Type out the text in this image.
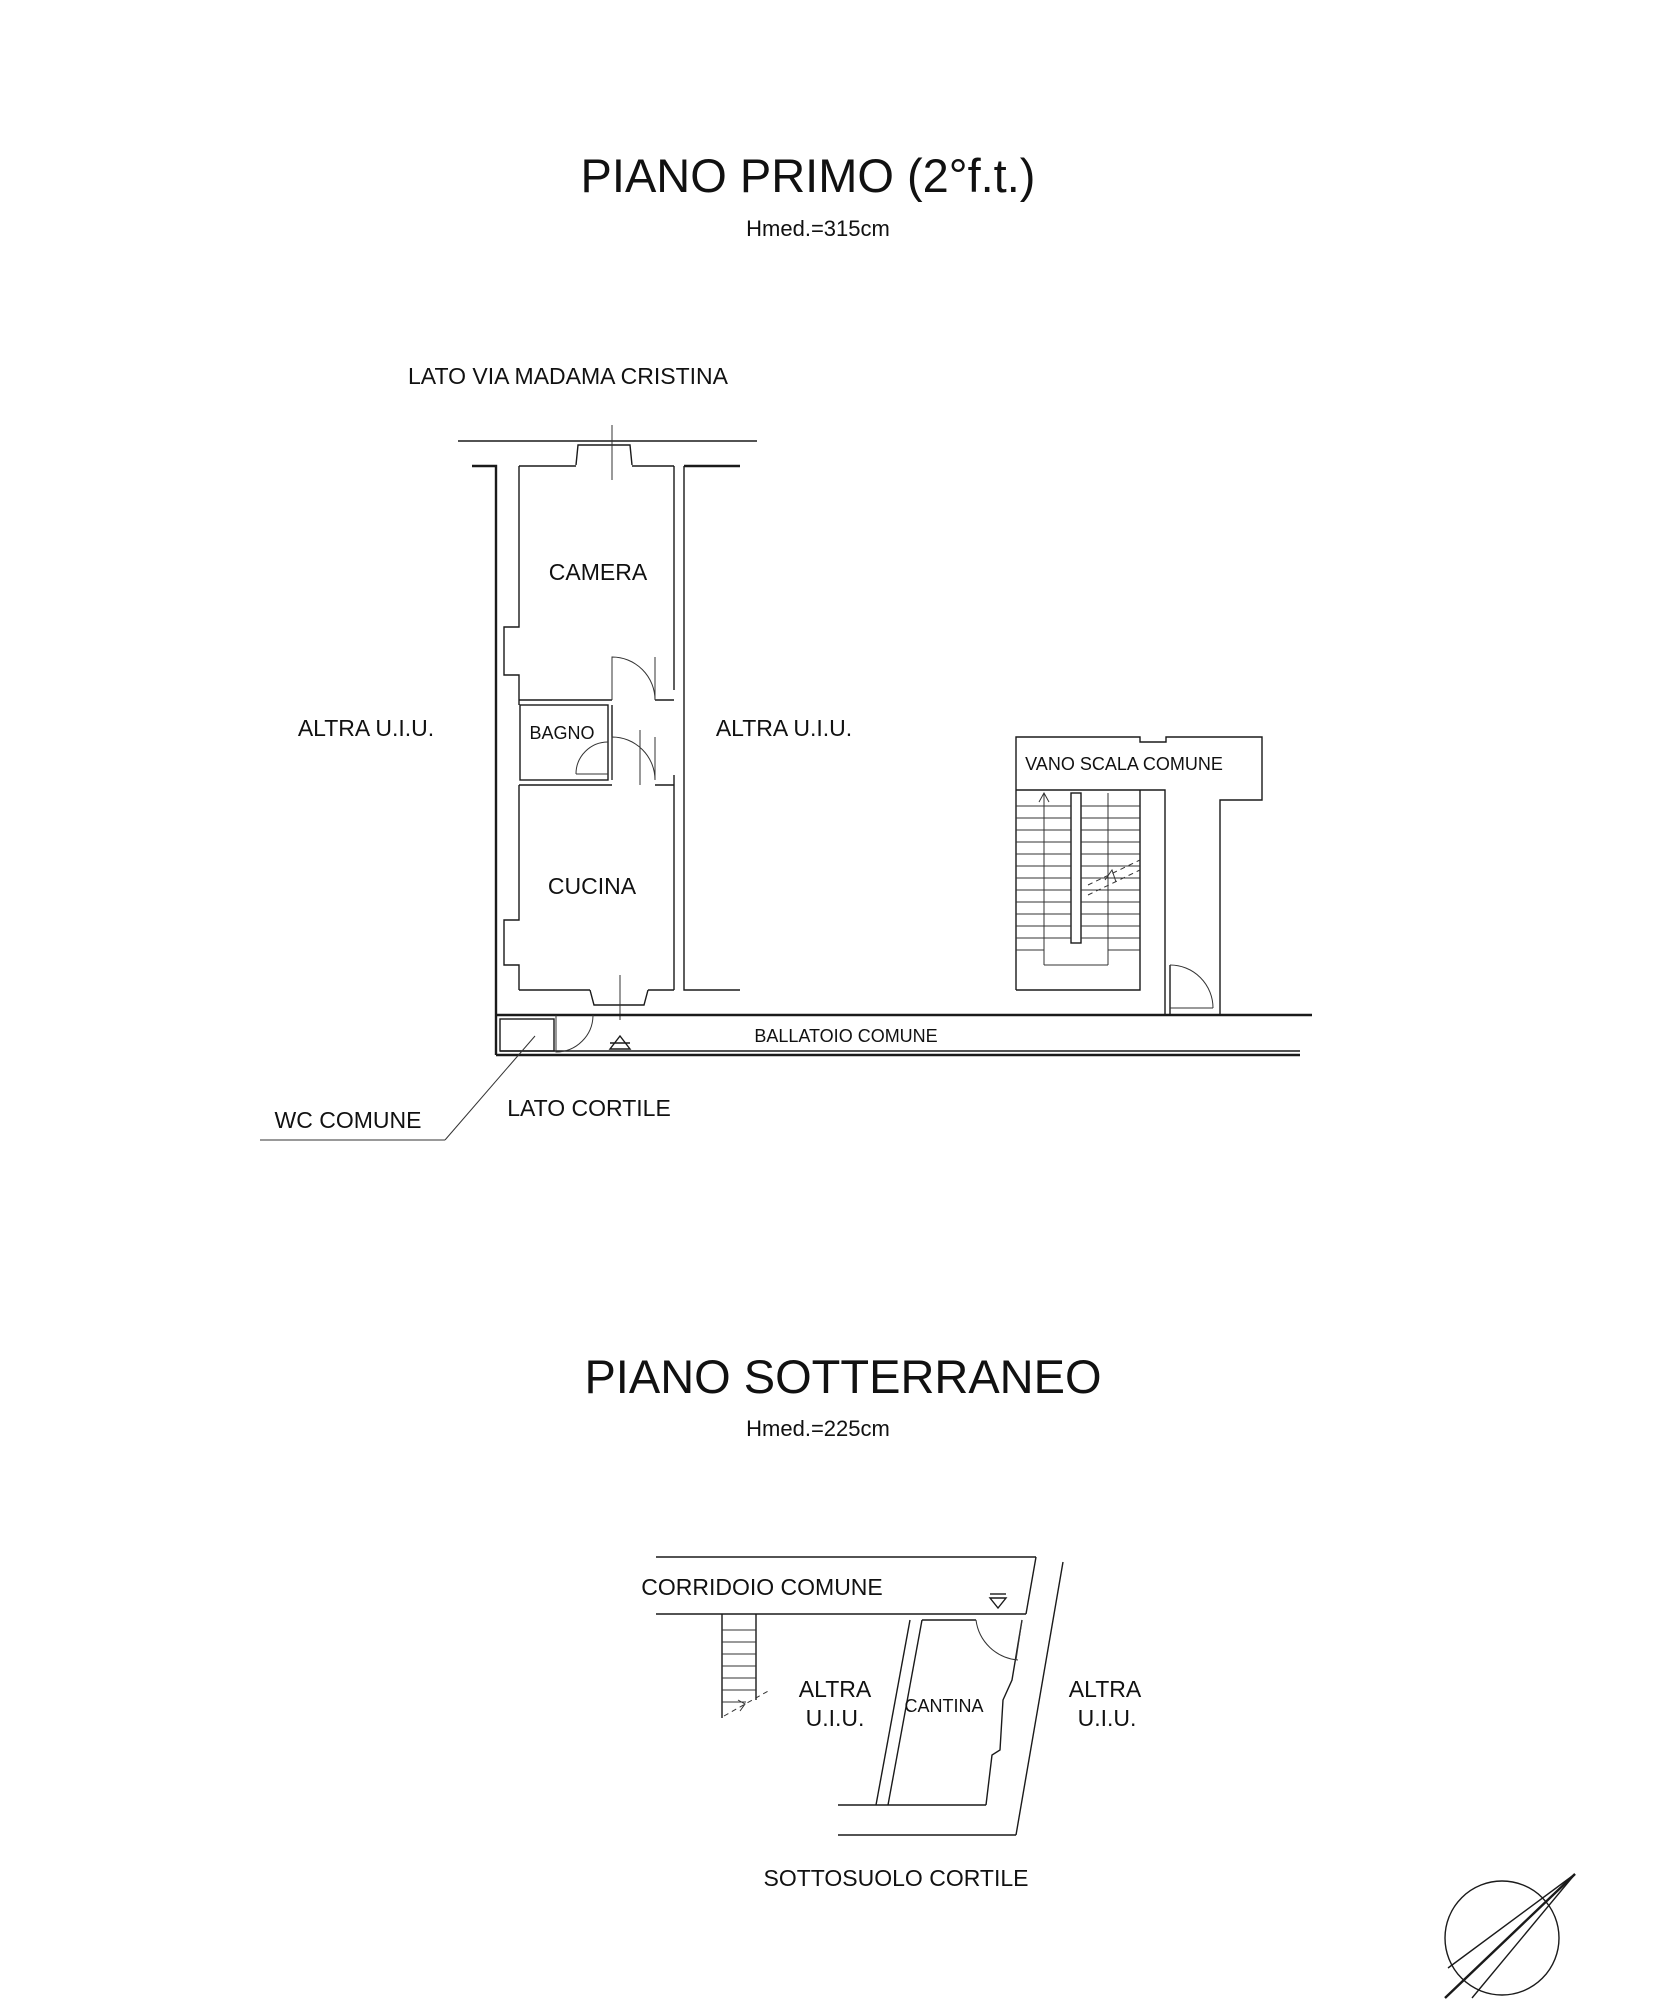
PIANO PRIMO (2°f.t.)
Hmed.=315cm
LATO VIA MADAMA CRISTINA
CAMERA
BAGNO
CUCINA
ALTRA U.I.U.	ALTRA U.I.U.
BALLATOIO COMUNE
VANO SCALA COMUNE
WC COMUNE	LATO CORTILE
PIANO SOTTERRANEO
Hmed.=225cm
CORRIDOIO COMUNE
CANTINA
ALTRA
U.I.U.
ALTRA
U.I.U.
SOTTOSUOLO CORTILE
